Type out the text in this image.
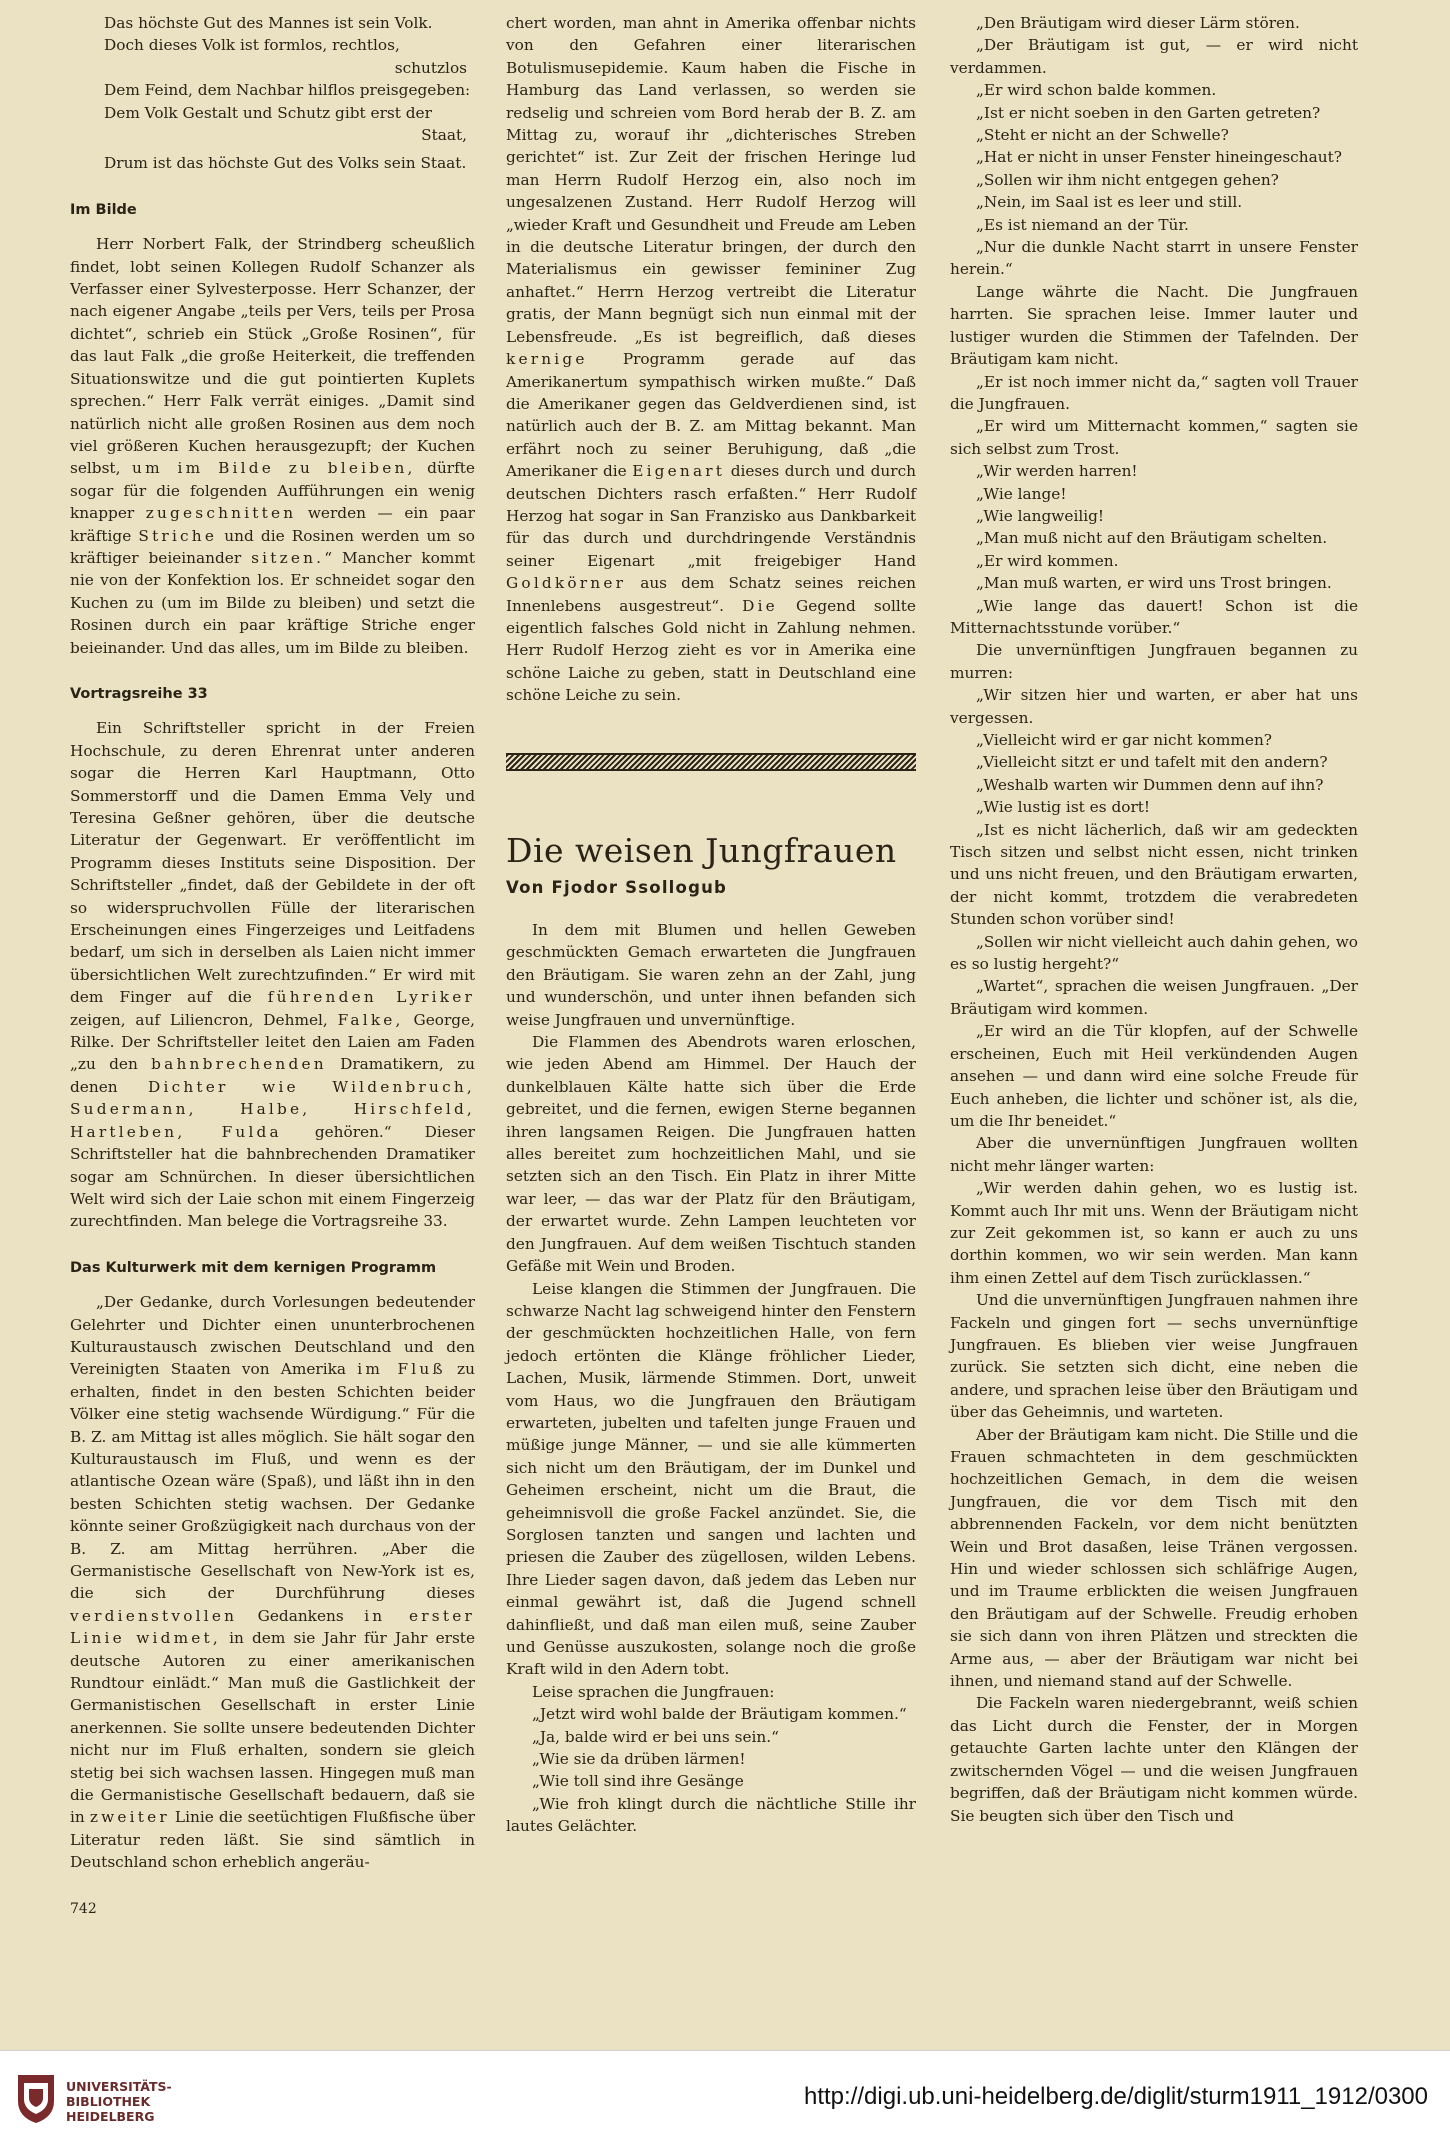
Das höchste Gut des Mannes ist sein Volk.
Doch dieses Volk ist formlos, rechtlos,
schutzlos
Dem Feind, dem Nachbar hilflos preisgegeben:
Dem Volk Gestalt und Schutz gibt erst der
Staat,
Drum ist das höchste Gut des Volks sein Staat.
Im Bilde

Herr Norbert Falk, der Strindberg scheußlich findet, lobt seinen Kollegen Rudolf Schanzer als Verfasser einer Sylvesterposse. Herr Schanzer, der nach eigener Angabe „teils per Vers, teils per Prosa dichtet“, schrieb ein Stück „Große Rosinen“, für das laut Falk „die große Heiterkeit, die treffenden Situationswitze und die gut pointierten Kuplets sprechen.“ Herr Falk verrät einiges. „Damit sind natürlich nicht alle großen Rosinen aus dem noch viel größeren Kuchen herausgezupft; der Kuchen selbst, um im Bilde zu bleiben, dürfte sogar für die folgenden Aufführungen ein wenig knapper zugeschnitten werden — ein paar kräftige Striche und die Rosinen werden um so kräftiger beieinander sitzen.“ Mancher kommt nie von der Konfektion los. Er schneidet sogar den Kuchen zu (um im Bilde zu bleiben) und setzt die Rosinen durch ein paar kräftige Striche enger beieinander. Und das alles, um im Bilde zu bleiben.

Vortragsreihe 33

Ein Schriftsteller spricht in der Freien Hochschule, zu deren Ehrenrat unter anderen sogar die Herren Karl Hauptmann, Otto Sommerstorff und die Damen Emma Vely und Teresina Geßner gehören, über die deutsche Literatur der Gegenwart. Er veröffentlicht im Programm dieses Instituts seine Disposition. Der Schriftsteller „findet, daß der Gebildete in der oft so widerspruchvollen Fülle der literarischen Erscheinungen eines Fingerzeiges und Leitfadens bedarf, um sich in derselben als Laien nicht immer übersichtlichen Welt zurechtzufinden.“ Er wird mit dem Finger auf die führenden Lyriker zeigen, auf Liliencron, Dehmel, Falke, George, Rilke. Der Schriftsteller leitet den Laien am Faden „zu den bahnbrechenden Dramatikern, zu denen Dichter wie Wildenbruch, Sudermann, Halbe, Hirschfeld, Hartleben, Fulda gehören.“ Dieser Schriftsteller hat die bahnbrechenden Dramatiker sogar am Schnürchen. In dieser übersichtlichen Welt wird sich der Laie schon mit einem Fingerzeig zurechtfinden. Man belege die Vortragsreihe 33.

Das Kulturwerk mit dem kernigen Programm

„Der Gedanke, durch Vorlesungen bedeutender Gelehrter und Dichter einen ununterbrochenen Kulturaustausch zwischen Deutschland und den Vereinigten Staaten von Amerika im Fluß zu erhalten, findet in den besten Schichten beider Völker eine stetig wachsende Würdigung.“ Für die B. Z. am Mittag ist alles möglich. Sie hält sogar den Kulturaustausch im Fluß, und wenn es der atlantische Ozean wäre (Spaß), und läßt ihn in den besten Schichten stetig wachsen. Der Gedanke könnte seiner Großzügigkeit nach durchaus von der B. Z. am Mittag herrühren. „Aber die Germanistische Gesellschaft von New-York ist es, die sich der Durchführung dieses verdienstvollen Gedankens in erster Linie widmet, in dem sie Jahr für Jahr erste deutsche Autoren zu einer amerikanischen Rundtour einlädt.“ Man muß die Gastlichkeit der Germanistischen Gesellschaft in erster Linie anerkennen. Sie sollte unsere bedeutenden Dichter nicht nur im Fluß erhalten, sondern sie gleich stetig bei sich wachsen lassen. Hingegen muß man die Germanistische Gesellschaft bedauern, daß sie in zweiter Linie die seetüchtigen Flußfische über Literatur reden läßt. Sie sind sämtlich in Deutschland schon erheblich angeräu-

742

chert worden, man ahnt in Amerika offenbar nichts von den Gefahren einer literarischen Botulismusepidemie. Kaum haben die Fische in Hamburg das Land verlassen, so werden sie redselig und schreien vom Bord herab der B. Z. am Mittag zu, worauf ihr „dichterisches Streben gerichtet“ ist. Zur Zeit der frischen Heringe lud man Herrn Rudolf Herzog ein, also noch im ungesalzenen Zustand. Herr Rudolf Herzog will „wieder Kraft und Gesundheit und Freude am Leben in die deutsche Literatur bringen, der durch den Materialismus ein gewisser femininer Zug anhaftet.“ Herrn Herzog vertreibt die Literatur gratis, der Mann begnügt sich nun einmal mit der Lebensfreude. „Es ist begreiflich, daß dieses kernige Programm gerade auf das Amerikanertum sympathisch wirken mußte.“ Daß die Amerikaner gegen das Geldverdienen sind, ist natürlich auch der B. Z. am Mittag bekannt. Man erfährt noch zu seiner Beruhigung, daß „die Amerikaner die Eigenart dieses durch und durch deutschen Dichters rasch erfaßten.“ Herr Rudolf Herzog hat sogar in San Franzisko aus Dankbarkeit für das durch und durchdringende Verständnis seiner Eigenart „mit freigebiger Hand Goldkörner aus dem Schatz seines reichen Innenlebens ausgestreut“. Die Gegend sollte eigentlich falsches Gold nicht in Zahlung nehmen. Herr Rudolf Herzog zieht es vor in Amerika eine schöne Laiche zu geben, statt in Deutschland eine schöne Leiche zu sein.

Die weisen Jungfrauen
Von Fjodor Ssollogub

In dem mit Blumen und hellen Geweben geschmückten Gemach erwarteten die Jungfrauen den Bräutigam. Sie waren zehn an der Zahl, jung und wunderschön, und unter ihnen befanden sich weise Jungfrauen und unvernünftige.

Die Flammen des Abendrots waren erloschen, wie jeden Abend am Himmel. Der Hauch der dunkelblauen Kälte hatte sich über die Erde gebreitet, und die fernen, ewigen Sterne begannen ihren langsamen Reigen. Die Jungfrauen hatten alles bereitet zum hochzeitlichen Mahl, und sie setzten sich an den Tisch. Ein Platz in ihrer Mitte war leer, — das war der Platz für den Bräutigam, der erwartet wurde. Zehn Lampen leuchteten vor den Jungfrauen. Auf dem weißen Tischtuch standen Gefäße mit Wein und Broden.

Leise klangen die Stimmen der Jungfrauen. Die schwarze Nacht lag schweigend hinter den Fenstern der geschmückten hochzeitlichen Halle, von fern jedoch ertönten die Klänge fröhlicher Lieder, Lachen, Musik, lärmende Stimmen. Dort, unweit vom Haus, wo die Jungfrauen den Bräutigam erwarteten, jubelten und tafelten junge Frauen und müßige junge Männer, — und sie alle kümmerten sich nicht um den Bräutigam, der im Dunkel und Geheimen erscheint, nicht um die Braut, die geheimnisvoll die große Fackel anzündet. Sie, die Sorglosen tanzten und sangen und lachten und priesen die Zauber des zügellosen, wilden Lebens. Ihre Lieder sagen davon, daß jedem das Leben nur einmal gewährt ist, daß die Jugend schnell dahinfließt, und daß man eilen muß, seine Zauber und Genüsse auszukosten, solange noch die große Kraft wild in den Adern tobt.

Leise sprachen die Jungfrauen:

„Jetzt wird wohl balde der Bräutigam kommen.“

„Ja, balde wird er bei uns sein.“

„Wie sie da drüben lärmen!

„Wie toll sind ihre Gesänge

„Wie froh klingt durch die nächtliche Stille ihr lautes Gelächter.

„Den Bräutigam wird dieser Lärm stören.

„Der Bräutigam ist gut, — er wird nicht verdammen.

„Er wird schon balde kommen.

„Ist er nicht soeben in den Garten getreten?

„Steht er nicht an der Schwelle?

„Hat er nicht in unser Fenster hineingeschaut?

„Sollen wir ihm nicht entgegen gehen?

„Nein, im Saal ist es leer und still.

„Es ist niemand an der Tür.

„Nur die dunkle Nacht starrt in unsere Fenster herein.“

Lange währte die Nacht. Die Jungfrauen harrten. Sie sprachen leise. Immer lauter und lustiger wurden die Stimmen der Tafelnden. Der Bräutigam kam nicht.

„Er ist noch immer nicht da,“ sagten voll Trauer die Jungfrauen.

„Er wird um Mitternacht kommen,“ sagten sie sich selbst zum Trost.

„Wir werden harren!

„Wie lange!

„Wie langweilig!

„Man muß nicht auf den Bräutigam schelten.

„Er wird kommen.

„Man muß warten, er wird uns Trost bringen.

„Wie lange das dauert! Schon ist die Mitternachtsstunde vorüber.“

Die unvernünftigen Jungfrauen begannen zu murren:

„Wir sitzen hier und warten, er aber hat uns vergessen.

„Vielleicht wird er gar nicht kommen?

„Vielleicht sitzt er und tafelt mit den andern?

„Weshalb warten wir Dummen denn auf ihn?

„Wie lustig ist es dort!

„Ist es nicht lächerlich, daß wir am gedeckten Tisch sitzen und selbst nicht essen, nicht trinken und uns nicht freuen, und den Bräutigam erwarten, der nicht kommt, trotzdem die verabredeten Stunden schon vorüber sind!

„Sollen wir nicht vielleicht auch dahin gehen, wo es so lustig hergeht?“

„Wartet“, sprachen die weisen Jungfrauen. „Der Bräutigam wird kommen.

„Er wird an die Tür klopfen, auf der Schwelle erscheinen, Euch mit Heil verkündenden Augen ansehen — und dann wird eine solche Freude für Euch anheben, die lichter und schöner ist, als die, um die Ihr beneidet.“

Aber die unvernünftigen Jungfrauen wollten nicht mehr länger warten:

„Wir werden dahin gehen, wo es lustig ist. Kommt auch Ihr mit uns. Wenn der Bräutigam nicht zur Zeit gekommen ist, so kann er auch zu uns dorthin kommen, wo wir sein werden. Man kann ihm einen Zettel auf dem Tisch zurücklassen.“

Und die unvernünftigen Jungfrauen nahmen ihre Fackeln und gingen fort — sechs unvernünftige Jungfrauen. Es blieben vier weise Jungfrauen zurück. Sie setzten sich dicht, eine neben die andere, und sprachen leise über den Bräutigam und über das Geheimnis, und warteten.

Aber der Bräutigam kam nicht. Die Stille und die Frauen schmachteten in dem geschmückten hochzeitlichen Gemach, in dem die weisen Jungfrauen, die vor dem Tisch mit den abbrennenden Fackeln, vor dem nicht benützten Wein und Brot dasaßen, leise Tränen vergossen. Hin und wieder schlossen sich schläfrige Augen, und im Traume erblickten die weisen Jungfrauen den Bräutigam auf der Schwelle. Freudig erhoben sie sich dann von ihren Plätzen und streckten die Arme aus, — aber der Bräutigam war nicht bei ihnen, und niemand stand auf der Schwelle.

Die Fackeln waren niedergebrannt, weiß schien das Licht durch die Fenster, der in Morgen getauchte Garten lachte unter den Klängen der zwitschernden Vögel — und die weisen Jungfrauen begriffen, daß der Bräutigam nicht kommen würde. Sie beugten sich über den Tisch und

UNIVERSITÄTS-
BIBLIOTHEK
HEIDELBERG
http://digi.ub.uni-heidelberg.de/diglit/sturm1911_1912/0300
